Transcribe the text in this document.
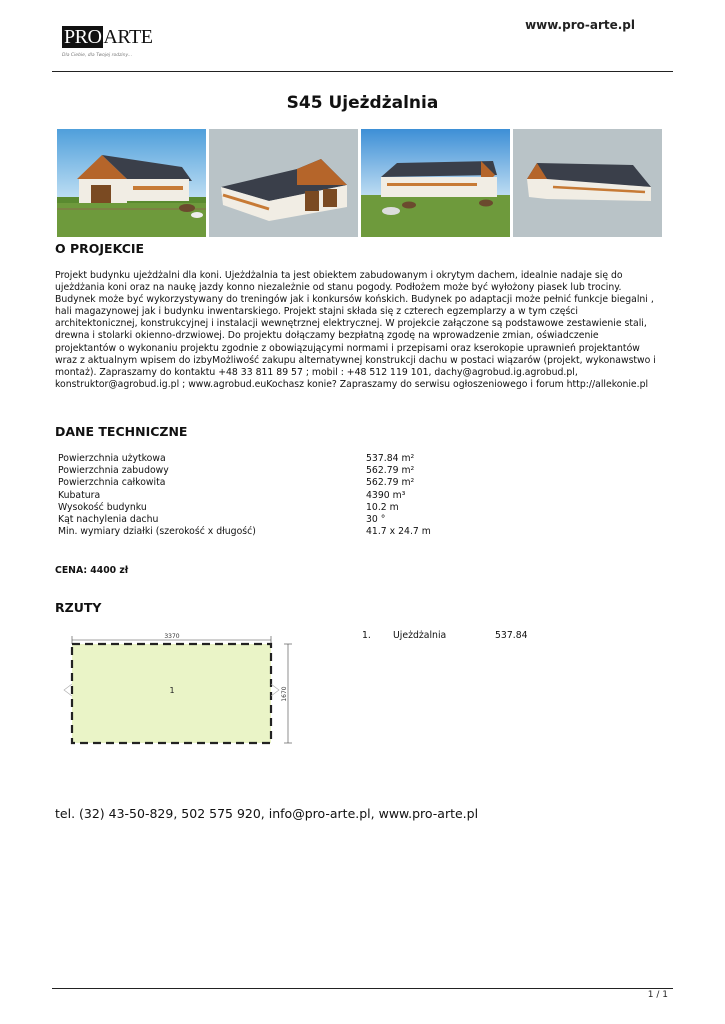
PRO ARTE
Dla Ciebie, dla Twojej rodziny...
www.pro-arte.pl
S45 Ujeżdżalnia
O PROJEKCIE
Projekt budynku ujeżdżalni dla koni. Ujeżdżalnia ta jest obiektem zabudowanym i okrytym dachem, idealnie nadaje się do ujeżdżania koni oraz na naukę jazdy konno niezależnie od stanu pogody. Podłożem może być wyłożony piasek lub trociny. Budynek może być wykorzystywany do treningów jak i konkursów końskich. Budynek po adaptacji może pełnić funkcje biegalni , hali magazynowej jak i budynku inwentarskiego. Projekt stajni składa się z czterech egzemplarzy a w tym części architektonicznej, konstrukcyjnej i instalacji wewnętrznej elektrycznej. W projekcie załączone są podstawowe zestawienie stali, drewna i stolarki okienno-drzwiowej. Do projektu dołączamy bezpłatną zgodę na wprowadzenie zmian, oświadczenie projektantów o wykonaniu projektu zgodnie z obowiązującymi normami i przepisami oraz kserokopie uprawnień projektantów wraz z aktualnym wpisem do izbyMożliwość zakupu alternatywnej konstrukcji dachu w postaci wiązarów (projekt, wykonawstwo i montaż). Zapraszamy do kontaktu +48 33 811 89 57 ; mobil : +48 512 119 101, dachy@agrobud.ig.agrobud.pl, konstruktor@agrobud.ig.pl ; www.agrobud.euKochasz konie? Zapraszamy do serwisu ogłoszeniowego i forum http://allekonie.pl
DANE TECHNICZNE
Powierzchnia użytkowa	537.84 m²
Powierzchnia zabudowy	562.79 m²
Powierzchnia całkowita	562.79 m²
Kubatura	4390 m³
Wysokość budynku	10.2 m
Kąt nachylenia dachu	30 °
Min. wymiary działki (szerokość x długość)	41.7 x 24.7 m
CENA: 4400 zł
RZUTY
3370
1670
1
1. Ujeżdżalnia	537.84
tel. (32) 43-50-829, 502 575 920, info@pro-arte.pl, www.pro-arte.pl
1 / 1
